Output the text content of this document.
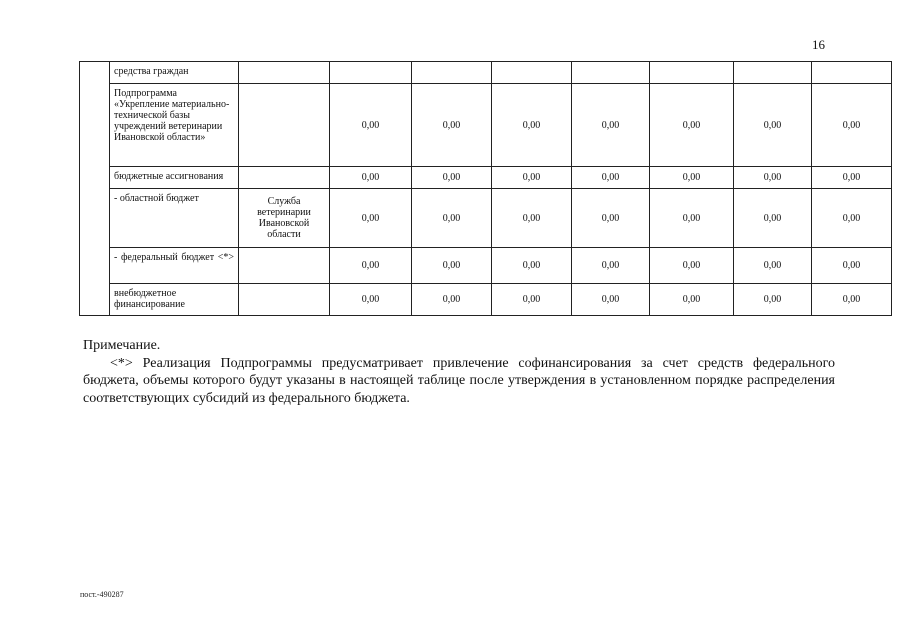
16
	средства граждан								
	Подпрограмма «Укрепление материально-технической базы учреждений ветеринарии Ивановской области»		0,00	0,00	0,00	0,00	0,00	0,00	0,00
	бюджетные ассигнования		0,00	0,00	0,00	0,00	0,00	0,00	0,00
	- областной бюджет	Служба ветеринарии Ивановской области	0,00	0,00	0,00	0,00	0,00	0,00	0,00
	- федеральный бюджет <*>		0,00	0,00	0,00	0,00	0,00	0,00	0,00
	внебюджетное финансирование		0,00	0,00	0,00	0,00	0,00	0,00	0,00

Примечание.

<*> Реализация Подпрограммы предусматривает привлечение софинансирования за счет средств федерального бюджета, объемы которого будут указаны в настоящей таблице после утверждения в установленном порядке распределения соответствующих субсидий из федерального бюджета.

пост.-490287
